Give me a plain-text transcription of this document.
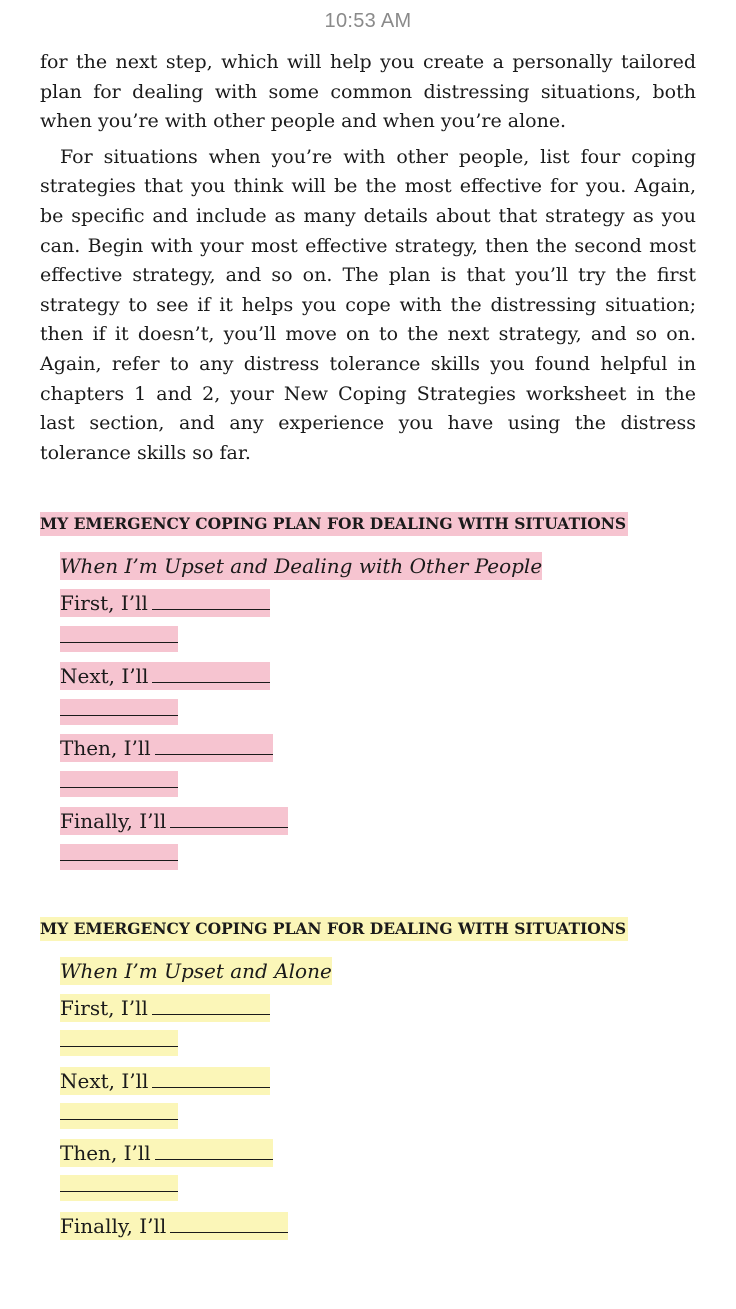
10:53 AM

for the next step, which will help you create a personally tailored plan for dealing with some common distressing situations, both when you’re with other people and when you’re alone.

For situations when you’re with other people, list four coping strategies that you think will be the most effective for you. Again, be specific and include as many details about that strategy as you can. Begin with your most effective strategy, then the second most effective strategy, and so on. The plan is that you’ll try the first strategy to see if it helps you cope with the distressing situation; then if it doesn’t, you’ll move on to the next strategy, and so on. Again, refer to any distress tolerance skills you found helpful in chapters 1 and 2, your New Coping Strategies worksheet in the last section, and any experience you have using the distress tolerance skills so far.

MY EMERGENCY COPING PLAN FOR DEALING WITH SITUATIONS
When I’m Upset and Dealing with Other People
First, I’ll
Next, I’ll
Then, I’ll
Finally, I’ll
MY EMERGENCY COPING PLAN FOR DEALING WITH SITUATIONS
When I’m Upset and Alone
First, I’ll
Next, I’ll
Then, I’ll
Finally, I’ll
